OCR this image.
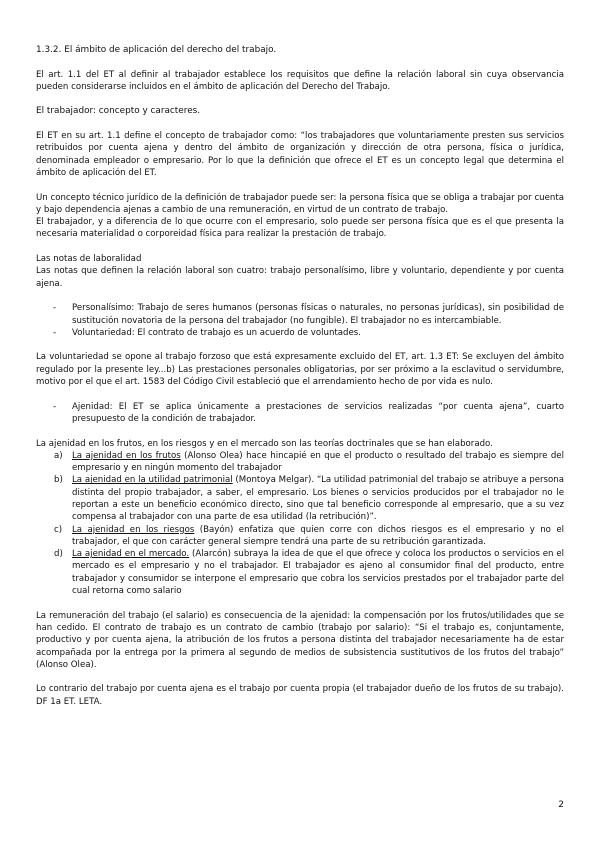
1.3.2. El ámbito de aplicación del derecho del trabajo.

El art. 1.1 del ET al definir al trabajador establece los requisitos que define la relación laboral sin cuya observancia pueden considerarse incluidos en el ámbito de aplicación del Derecho del Trabajo.

El trabajador: concepto y caracteres.

El ET en su art. 1.1 define el concepto de trabajador como: “los trabajadores que voluntariamente presten sus servicios retribuidos por cuenta ajena y dentro del ámbito de organización y dirección de otra persona, física o jurídica, denominada empleador o empresario. Por lo que la definición que ofrece el ET es un concepto legal que determina el ámbito de aplicación del ET.

Un concepto técnico jurídico de la definición de trabajador puede ser: la persona física que se obliga a trabajar por cuenta y bajo dependencia ajenas a cambio de una remuneración, en virtud de un contrato de trabajo.

El trabajador, y a diferencia de lo que ocurre con el empresario, solo puede ser persona física que es el que presenta la necesaria materialidad o corporeidad física para realizar la prestación de trabajo.

Las notas de laboralidad

Las notas que definen la relación laboral son cuatro: trabajo personalísimo, libre y voluntario, dependiente y por cuenta ajena.

- Personalísimo: Trabajo de seres humanos (personas físicas o naturales, no personas jurídicas), sin posibilidad de sustitución novatoria de la persona del trabajador (no fungible). El trabajador no es intercambiable.
- Voluntariedad: El contrato de trabajo es un acuerdo de voluntades.

La voluntariedad se opone al trabajo forzoso que está expresamente excluido del ET, art. 1.3 ET: Se excluyen del ámbito regulado por la presente ley...b) Las prestaciones personales obligatorias, por ser próximo a la esclavitud o servidumbre, motivo por el que el art. 1583 del Código Civil estableció que el arrendamiento hecho de por vida es nulo.

- Ajenidad: El ET se aplica únicamente a prestaciones de servicios realizadas “por cuenta ajena”, cuarto presupuesto de la condición de trabajador.

La ajenidad en los frutos, en los riesgos y en el mercado son las teorías doctrinales que se han elaborado.

a) La ajenidad en los frutos (Alonso Olea) hace hincapié en que el producto o resultado del trabajo es siempre del empresario y en ningún momento del trabajador
b) La ajenidad en la utilidad patrimonial (Montoya Melgar). “La utilidad patrimonial del trabajo se atribuye a persona distinta del propio trabajador, a saber, el empresario. Los bienes o servicios producidos por el trabajador no le reportan a este un beneficio económico directo, sino que tal beneficio corresponde al empresario, que a su vez compensa al trabajador con una parte de esa utilidad (la retribución)”.
c) La ajenidad en los riesgos (Bayón) enfatiza que quien corre con dichos riesgos es el empresario y no el trabajador, el que con carácter general siempre tendrá una parte de su retribución garantizada.
d) La ajenidad en el mercado. (Alarcón) subraya la idea de que el que ofrece y coloca los productos o servicios en el mercado es el empresario y no el trabajador. El trabajador es ajeno al consumidor final del producto, entre trabajador y consumidor se interpone el empresario que cobra los servicios prestados por el trabajador parte del cual retorna como salario

La remuneración del trabajo (el salario) es consecuencia de la ajenidad: la compensación por los frutos/utilidades que se han cedido. El contrato de trabajo es un contrato de cambio (trabajo por salario): “Si el trabajo es, conjuntamente, productivo y por cuenta ajena, la atribución de los frutos a persona distinta del trabajador necesariamente ha de estar acompañada por la entrega por la primera al segundo de medios de subsistencia sustitutivos de los frutos del trabajo” (Alonso Olea).

Lo contrario del trabajo por cuenta ajena es el trabajo por cuenta propia (el trabajador dueño de los frutos de su trabajo). DF 1a ET. LETA.

2
